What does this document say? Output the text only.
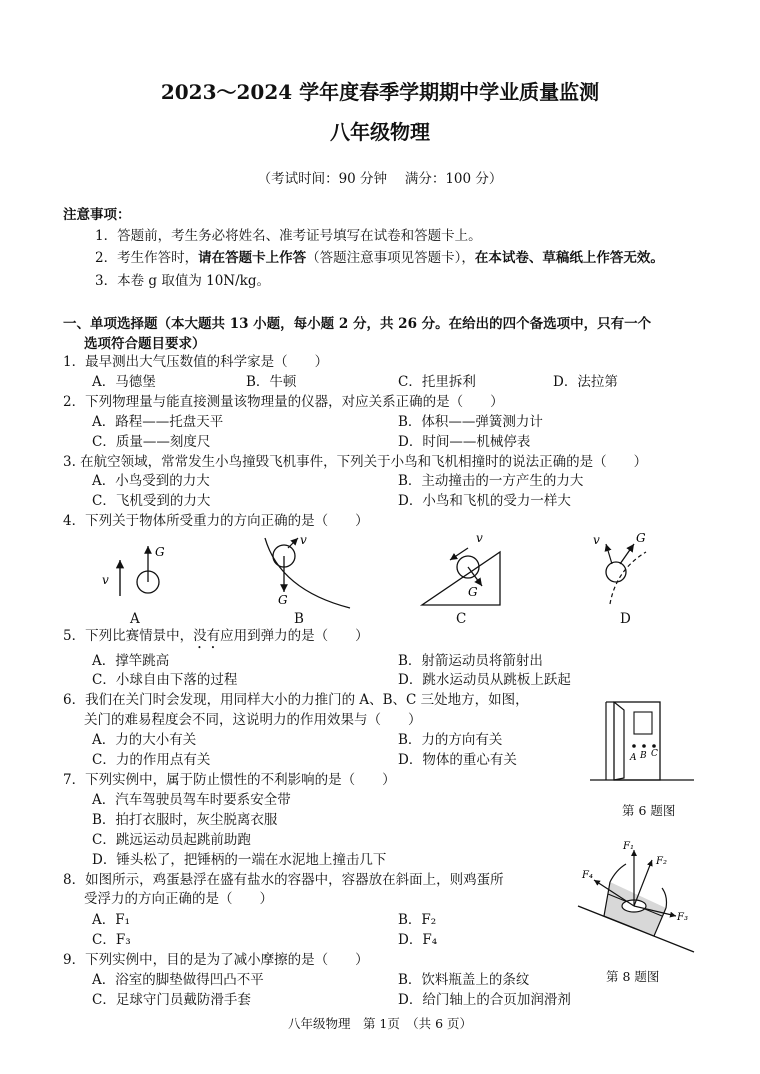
2023～2024 学年度春季学期期中学业质量监测
八年级物理
（考试时间：90 分钟　 满分：100 分）
注意事项：
1．答题前，考生务必将姓名、准考证号填写在试卷和答题卡上。
2．考生作答时，请在答题卡上作答（答题注意事项见答题卡），在本试卷、草稿纸上作答无效。
3．本卷 g 取值为 10N/kg。
一、单项选择题（本大题共 13 小题，每小题 2 分，共 26 分。在给出的四个备选项中，只有一个
选项符合题目要求）
1．最早测出大气压数值的科学家是（　　）
A．马德堡	B．牛顿	C．托里拆利	D．法拉第
2．下列物理量与能直接测量该物理量的仪器，对应关系正确的是（　　）
A．路程——托盘天平	B．体积——弹簧测力计
C．质量——刻度尺	D．时间——机械停表
3. 在航空领域，常常发生小鸟撞毁飞机事件，下列关于小鸟和飞机相撞时的说法正确的是（　　）
A．小鸟受到的力大	B．主动撞击的一方产生的力大
C．飞机受到的力大	D．小鸟和飞机的受力一样大
4．下列关于物体所受重力的方向正确的是（　　）
v
G
v
G
v
G
v	G
A	B	C	D
5．下列比赛情景中，没有应用到弹力的是（　　）
A．撑竿跳高	B．射箭运动员将箭射出
C．小球自由下落的过程	D．跳水运动员从跳板上跃起
6．我们在关门时会发现，用同样大小的力推门的 A、B、C 三处地方，如图，
关门的难易程度会不同，这说明力的作用效果与（　　）
A．力的大小有关	B．力的方向有关
C．力的作用点有关	D．物体的重心有关	A B C
第 6 题图
7．下列实例中，属于防止惯性的不利影响的是（　　）
A．汽车驾驶员驾车时要系安全带
B．拍打衣服时，灰尘脱离衣服
C．跳远运动员起跳前助跑
D．锤头松了，把锤柄的一端在水泥地上撞击几下
8．如图所示，鸡蛋悬浮在盛有盐水的容器中，容器放在斜面上，则鸡蛋所
受浮力的方向正确的是（　　）
A．F₁	B．F₂
C．F₃	D．F₄
F₁
F₂
F₃
F₄
第 8 题图
9．下列实例中，目的是为了减小摩擦的是（　　）
A．浴室的脚垫做得凹凸不平	B．饮料瓶盖上的条纹
C．足球守门员戴防滑手套	D．给门轴上的合页加润滑剂
八年级物理　第 1页　（共 6 页）
